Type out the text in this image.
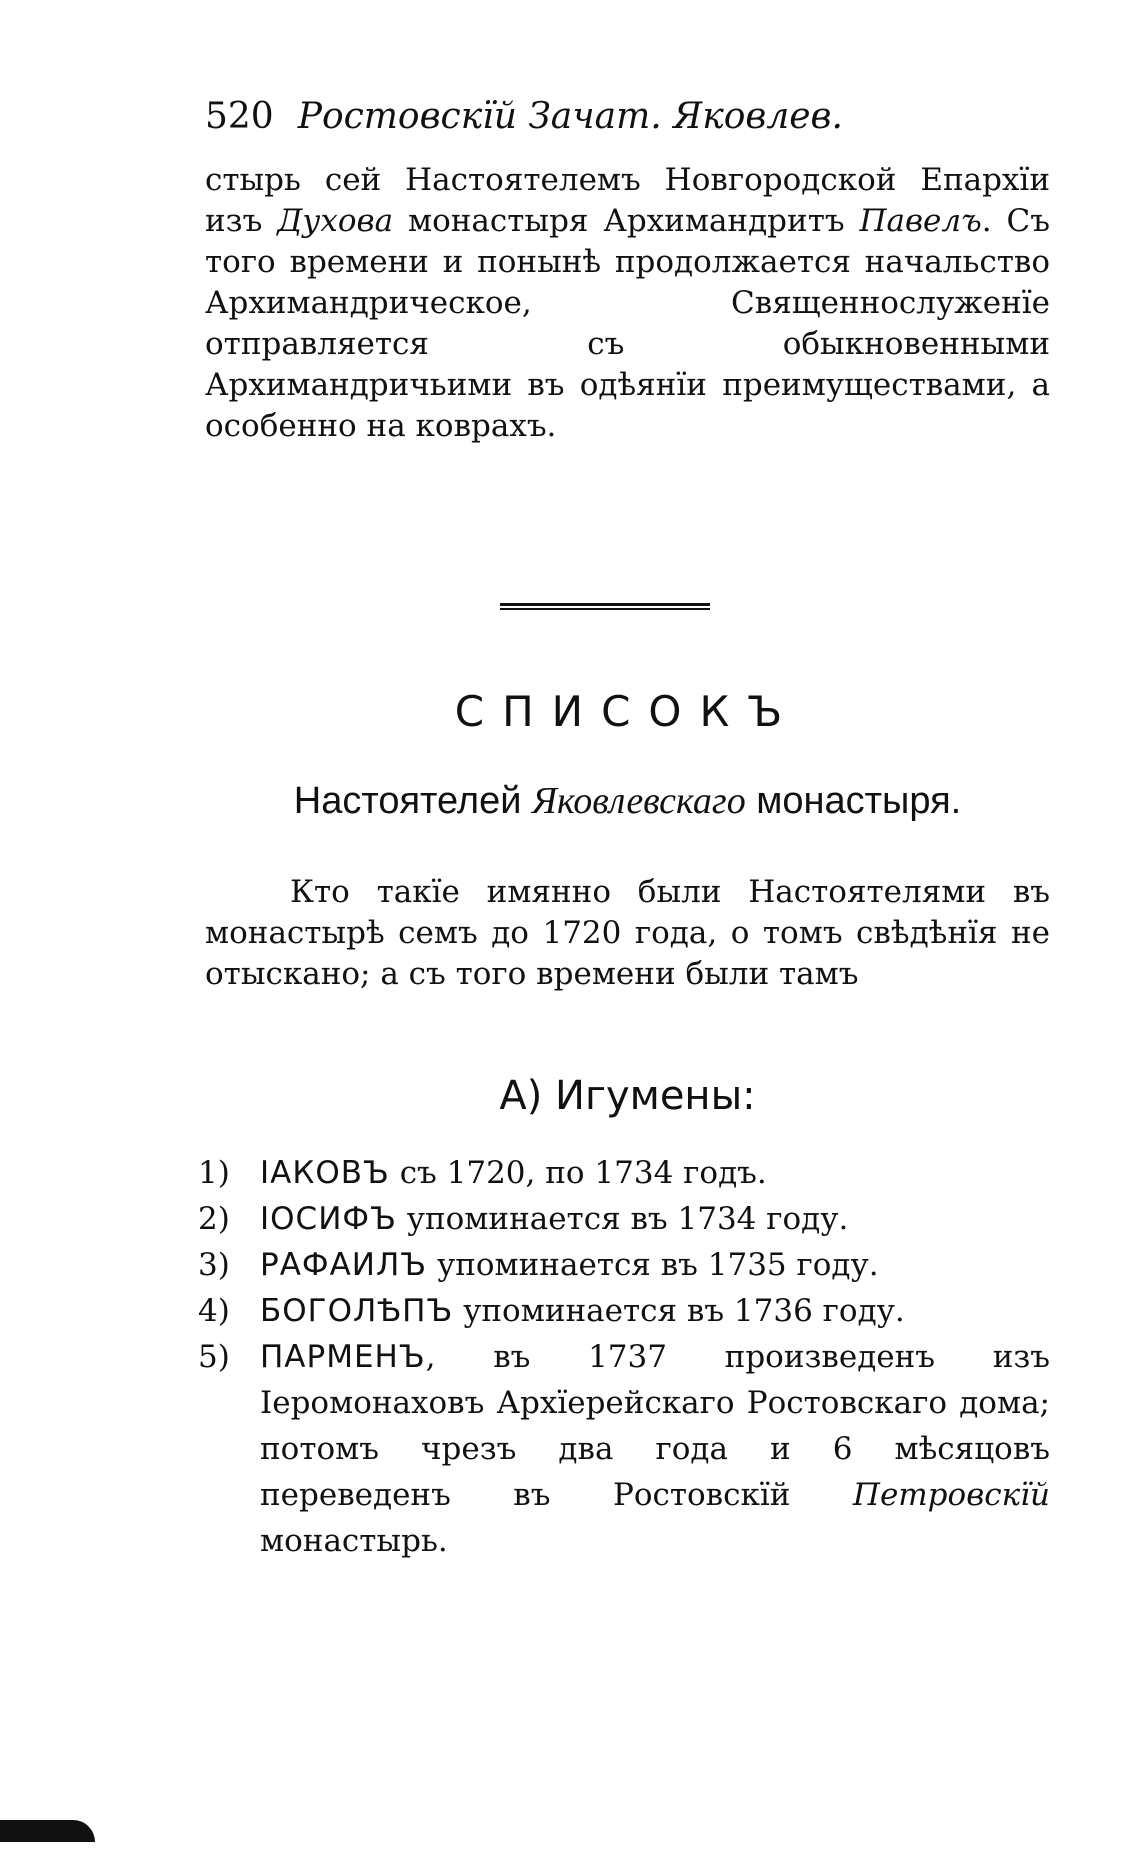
520 Ростовскїй Зачат. Яковлев.

стырь сей Настоятелемъ Новгородской Епархїи изъ Духова монастыря Архимандритъ Павелъ. Съ того времени и понынѣ продолжается начальство Архимандрическое, Священнослуженїе отправляется съ обыкновенными Архимандричьими въ одѣянїи преимуществами, а особенно на коврахъ.

СПИСОКЪ
Настоятелей Яковлевскаго монастыря.

Кто такїе имянно были Настоятелями въ монастырѣ семъ до 1720 года, о томъ свѣдѣнїя не отыскано; а съ того времени были тамъ

А) Игумены:
1) IАКОВЪ съ 1720, по 1734 годъ.
2) IОСИФЪ упоминается въ 1734 году.
3) РАФАИЛЪ упоминается въ 1735 году.
4) БОГОЛѢПЪ упоминается въ 1736 году.
5) ПАРМЕНЪ, въ 1737 произведенъ изъ Iеромонаховъ Архїерейскаго Ростовскаго дома; потомъ чрезъ два года и 6 мѣсяцовъ переведенъ въ Ростовскїй Петровскїй монастырь.
